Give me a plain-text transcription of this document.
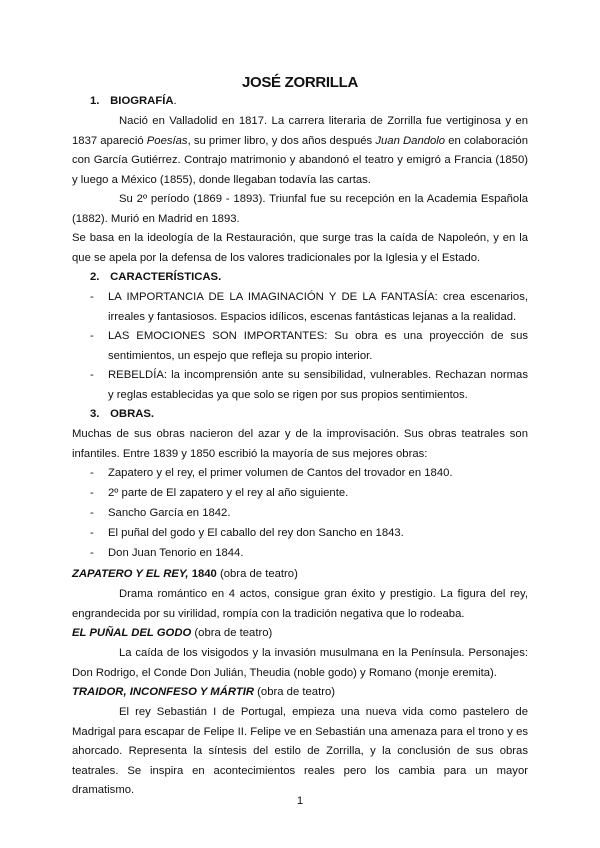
JOSÉ ZORRILLA
1. BIOGRAFÍA.
Nació en Valladolid en 1817. La carrera literaria de Zorrilla fue vertiginosa y en 1837 apareció Poesías, su primer libro, y dos años después Juan Dandolo en colaboración con García Gutiérrez. Contrajo matrimonio y abandonó el teatro y emigró a Francia (1850) y luego a México (1855), donde llegaban todavía las cartas.
Su 2º período (1869 - 1893). Triunfal fue su recepción en la Academia Española (1882). Murió en Madrid en 1893.
Se basa en la ideología de la Restauración, que surge tras la caída de Napoleón, y en la que se apela por la defensa de los valores tradicionales por la Iglesia y el Estado.
2. CARACTERÍSTICAS.
- LA IMPORTANCIA DE LA IMAGINACIÓN Y DE LA FANTASÍA: crea escenarios, irreales y fantasiosos. Espacios idílicos, escenas fantásticas lejanas a la realidad.
- LAS EMOCIONES SON IMPORTANTES: Su obra es una proyección de sus sentimientos, un espejo que refleja su propio interior.
- REBELDÍA: la incomprensión ante su sensibilidad, vulnerables. Rechazan normas y reglas establecidas ya que solo se rigen por sus propios sentimientos.
3. OBRAS.
Muchas de sus obras nacieron del azar y de la improvisación. Sus obras teatrales son infantiles. Entre 1839 y 1850 escribió la mayoría de sus mejores obras:
- Zapatero y el rey, el primer volumen de Cantos del trovador en 1840.
- 2º parte de El zapatero y el rey al año siguiente.
- Sancho García en 1842.
- El puñal del godo y El caballo del rey don Sancho en 1843.
- Don Juan Tenorio en 1844.
ZAPATERO Y EL REY, 1840 (obra de teatro)
Drama romántico en 4 actos, consigue gran éxito y prestigio. La figura del rey, engrandecida por su virilidad, rompía con la tradición negativa que lo rodeaba.
EL PUÑAL DEL GODO (obra de teatro)
La caída de los visigodos y la invasión musulmana en la Península. Personajes: Don Rodrigo, el Conde Don Julián, Theudia (noble godo) y Romano (monje eremita).
TRAIDOR, INCONFESO Y MÁRTIR (obra de teatro)
El rey Sebastián I de Portugal, empieza una nueva vida como pastelero de Madrigal para escapar de Felipe II. Felipe ve en Sebastián una amenaza para el trono y es ahorcado. Representa la síntesis del estilo de Zorrilla, y la conclusión de sus obras teatrales. Se inspira en acontecimientos reales pero los cambia para un mayor dramatismo.
1
